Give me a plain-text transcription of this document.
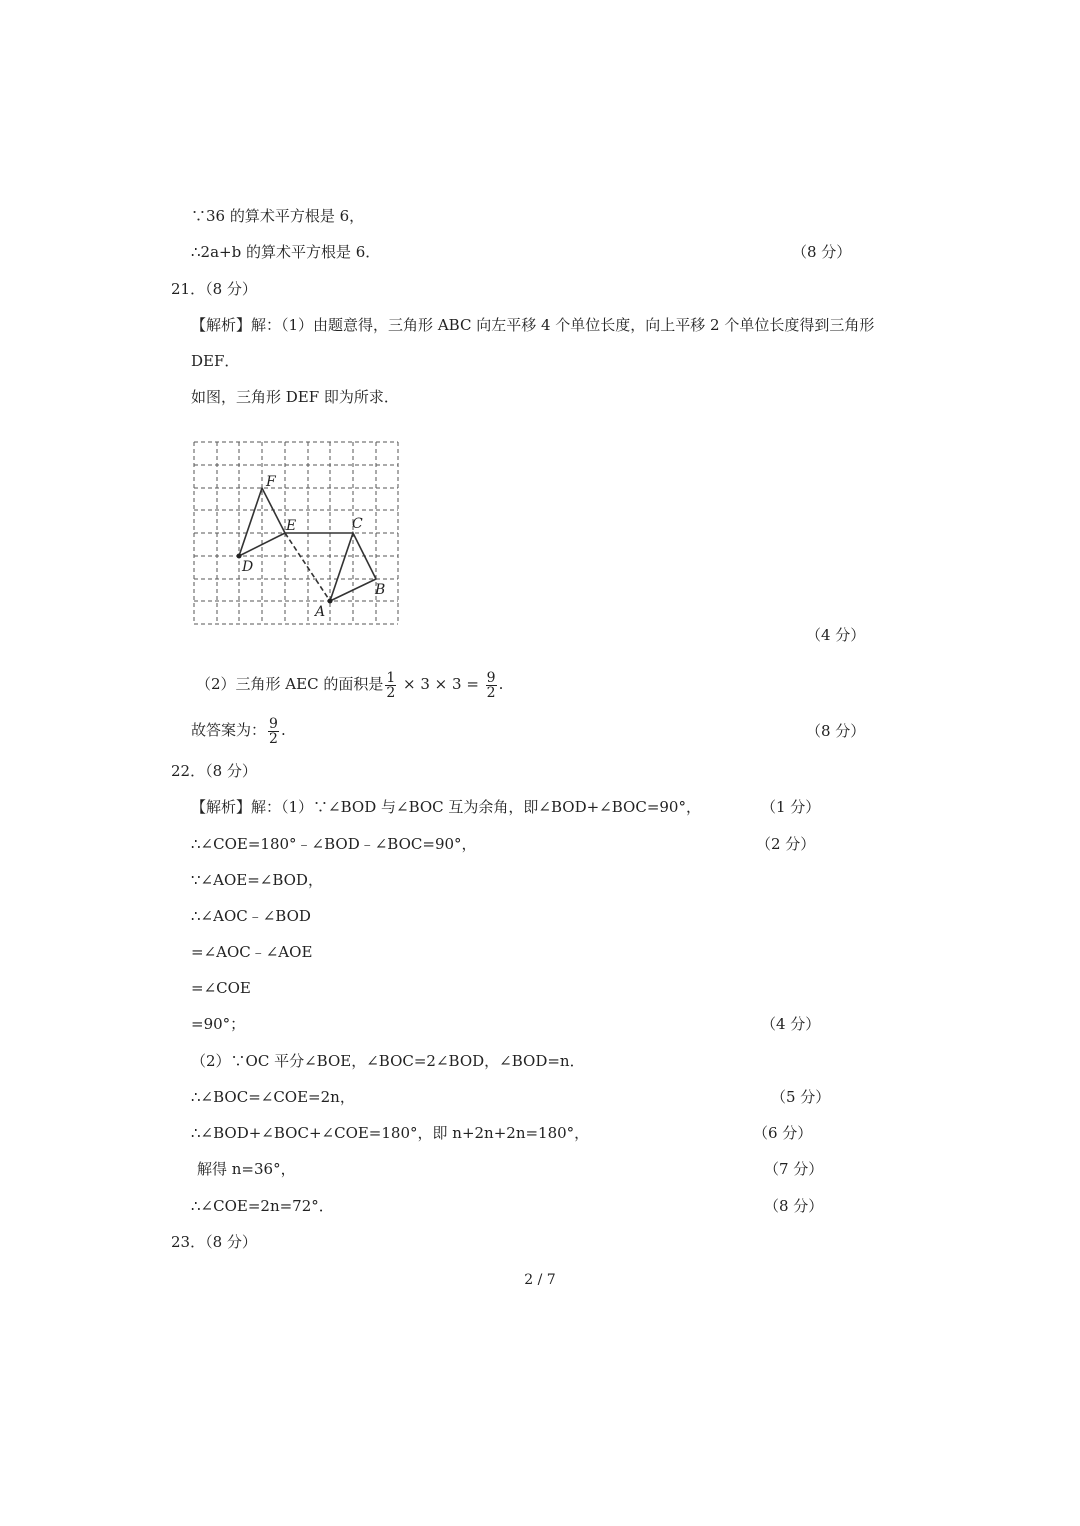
∵36 的算术平方根是 6，
∴2a+b 的算术平方根是 6．	（8 分）
21．（8 分）
【解析】解：（1）由题意得，三角形 ABC 向左平移 4 个单位长度，向上平移 2 个单位长度得到三角形
DEF．
如图，三角形 DEF 即为所求．
F
E	C
D
B
A
（4 分）
（2）三角形 AEC 的面积是 $\frac{1}{2} \times 3 \times 3 = \frac{9}{2}$ .
故答案为： $\frac{9}{2}$ .	（8 分）
22．（8 分）
【解析】解：（1）∵∠BOD 与∠BOC 互为余角，即∠BOD+∠BOC=90°，	（1 分）
∴∠COE=180°﹣∠BOD﹣∠BOC=90°，	（2 分）
∵∠AOE=∠BOD，
∴∠AOC﹣∠BOD
=∠AOC﹣∠AOE
=∠COE
=90°；	（4 分）
（2）∵OC 平分∠BOE，∠BOC=2∠BOD，∠BOD=n．
∴∠BOC=∠COE=2n，	（5 分）
∴∠BOD+∠BOC+∠COE=180°，即 n+2n+2n=180°，	（6 分）
解得 n=36°，	（7 分）
∴∠COE=2n=72°．	（8 分）
23．（8 分）
2 / 7
